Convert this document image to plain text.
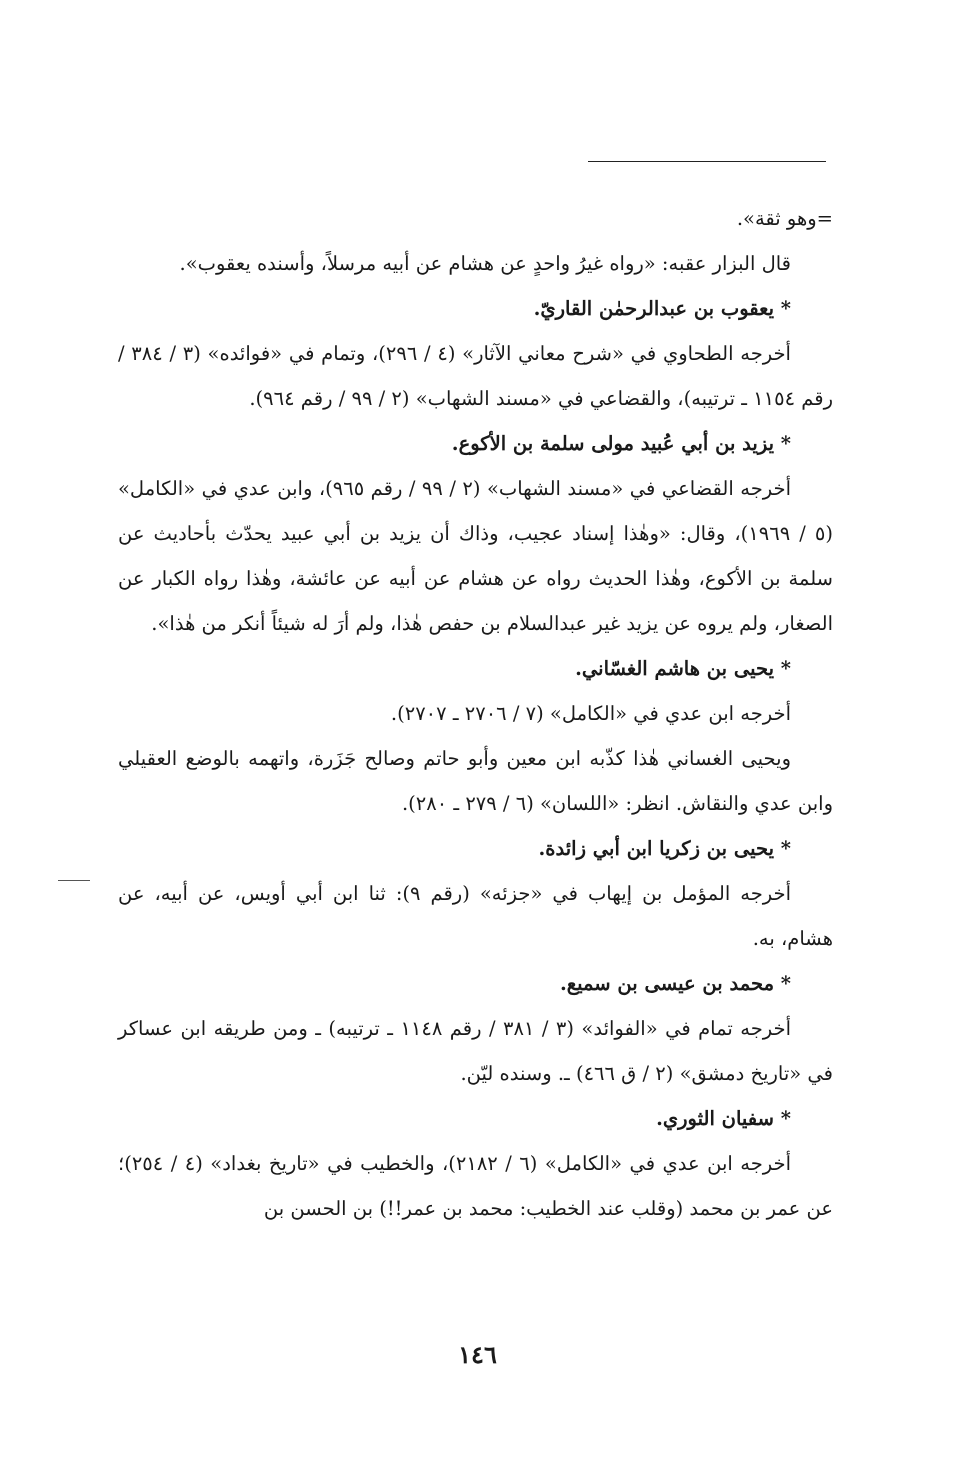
=وهو ثقة».

قال البزار عقبه: «رواه غيرُ واحدٍ عن هشام عن أبيه مرسلاً، وأسنده يعقوب».

* يعقوب بن عبدالرحمٰن القاريّ.

أخرجه الطحاوي في «شرح معاني الآثار» (٤ / ٢٩٦)، وتمام في «فوائده» (٣ / ٣٨٤ / رقم ١١٥٤ ـ ترتيبه)، والقضاعي في «مسند الشهاب» (٢ / ٩٩ / رقم ٩٦٤).

* يزيد بن أبي عُبيد مولى سلمة بن الأكوع.

أخرجه القضاعي في «مسند الشهاب» (٢ / ٩٩ / رقم ٩٦٥)، وابن عدي في «الكامل» (٥ / ١٩٦٩)، وقال: «وهٰذا إسناد عجيب، وذاك أن يزيد بن أبي عبيد يحدّث بأحاديث عن سلمة بن الأكوع، وهٰذا الحديث رواه عن هشام عن أبيه عن عائشة، وهٰذا رواه الكبار عن الصغار، ولم يروه عن يزيد غير عبدالسلام بن حفص هٰذا، ولم أرَ له شيئاً أنكر من هٰذا».

* يحيى بن هاشم الغسّاني.

أخرجه ابن عدي في «الكامل» (٧ / ٢٧٠٦ ـ ٢٧٠٧).

ويحيى الغساني هٰذا كذّبه ابن معين وأبو حاتم وصالح جَزَرة، واتهمه بالوضع العقيلي وابن عدي والنقاش. انظر: «اللسان» (٦ / ٢٧٩ ـ ٢٨٠).

* يحيى بن زكريا ابن أبي زائدة.

أخرجه المؤمل بن إيهاب في «جزئه» (رقم ٩): ثنا ابن أبي أويس، عن أبيه، عن هشام، به.

* محمد بن عيسى بن سميع.

أخرجه تمام في «الفوائد» (٣ / ٣٨١ / رقم ١١٤٨ ـ ترتيبه) ـ ومن طريقه ابن عساكر في «تاريخ دمشق» (٢ / ق ٤٦٦) ـ. وسنده ليّن.

* سفيان الثوري.

أخرجه ابن عدي في «الكامل» (٦ / ٢١٨٢)، والخطيب في «تاريخ بغداد» (٤ / ٢٥٤)؛ عن عمر بن محمد (وقلب عند الخطيب: محمد بن عمر!!) بن الحسن بن

١٤٦
